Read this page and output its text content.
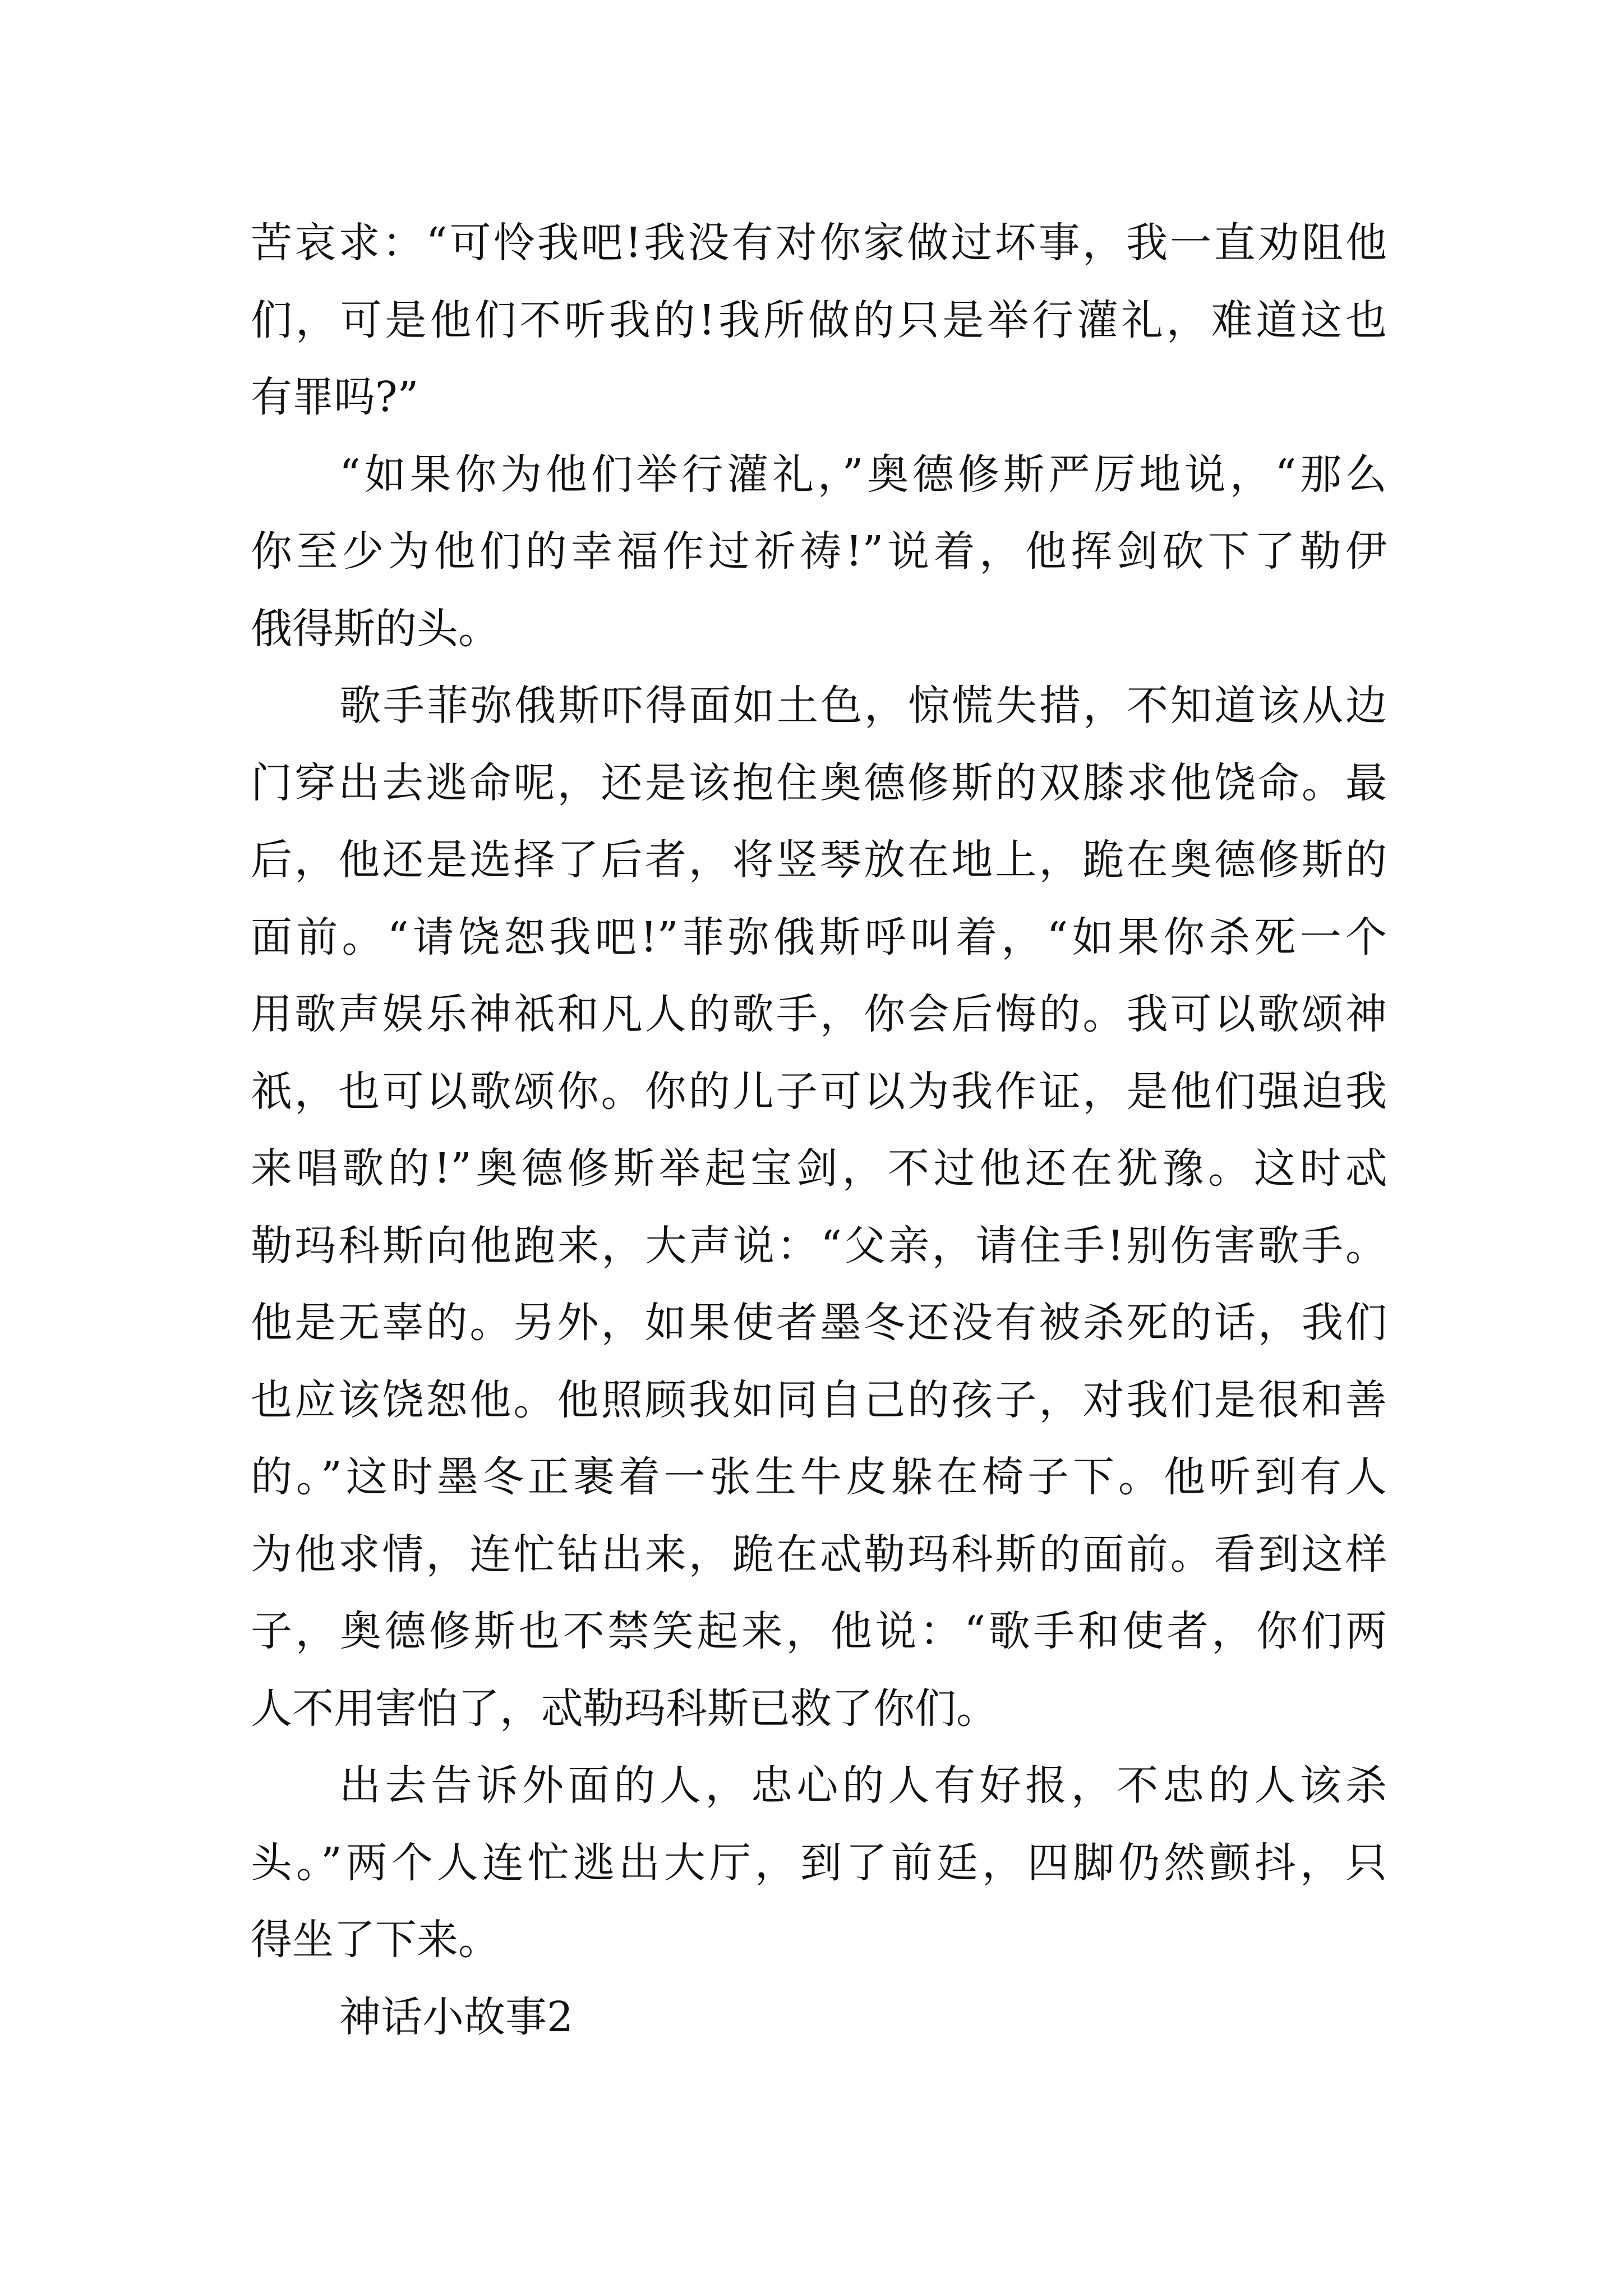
苦哀求：“可怜我吧!我没有对你家做过坏事，我一直劝阻他
们，可是他们不听我的!我所做的只是举行灌礼，难道这也
有罪吗?”
“如果你为他们举行灌礼，”奥德修斯严厉地说，“那么
你至少为他们的幸福作过祈祷!”说着，他挥剑砍下了勒伊
俄得斯的头。
歌手菲弥俄斯吓得面如土色，惊慌失措，不知道该从边
门穿出去逃命呢，还是该抱住奥德修斯的双膝求他饶命。最
后，他还是选择了后者，将竖琴放在地上，跪在奥德修斯的
面前。“请饶恕我吧!”菲弥俄斯呼叫着，“如果你杀死一个
用歌声娱乐神祇和凡人的歌手，你会后悔的。我可以歌颂神
祇，也可以歌颂你。你的儿子可以为我作证，是他们强迫我
来唱歌的!”奥德修斯举起宝剑，不过他还在犹豫。这时忒
勒玛科斯向他跑来，大声说：“父亲，请住手!别伤害歌手。
他是无辜的。另外，如果使者墨冬还没有被杀死的话，我们
也应该饶恕他。他照顾我如同自己的孩子，对我们是很和善
的。”这时墨冬正裹着一张生牛皮躲在椅子下。他听到有人
为他求情，连忙钻出来，跪在忒勒玛科斯的面前。看到这样
子，奥德修斯也不禁笑起来，他说：“歌手和使者，你们两
人不用害怕了，忒勒玛科斯已救了你们。
出去告诉外面的人，忠心的人有好报，不忠的人该杀
头。”两个人连忙逃出大厅，到了前廷，四脚仍然颤抖，只
得坐了下来。
神话小故事2
